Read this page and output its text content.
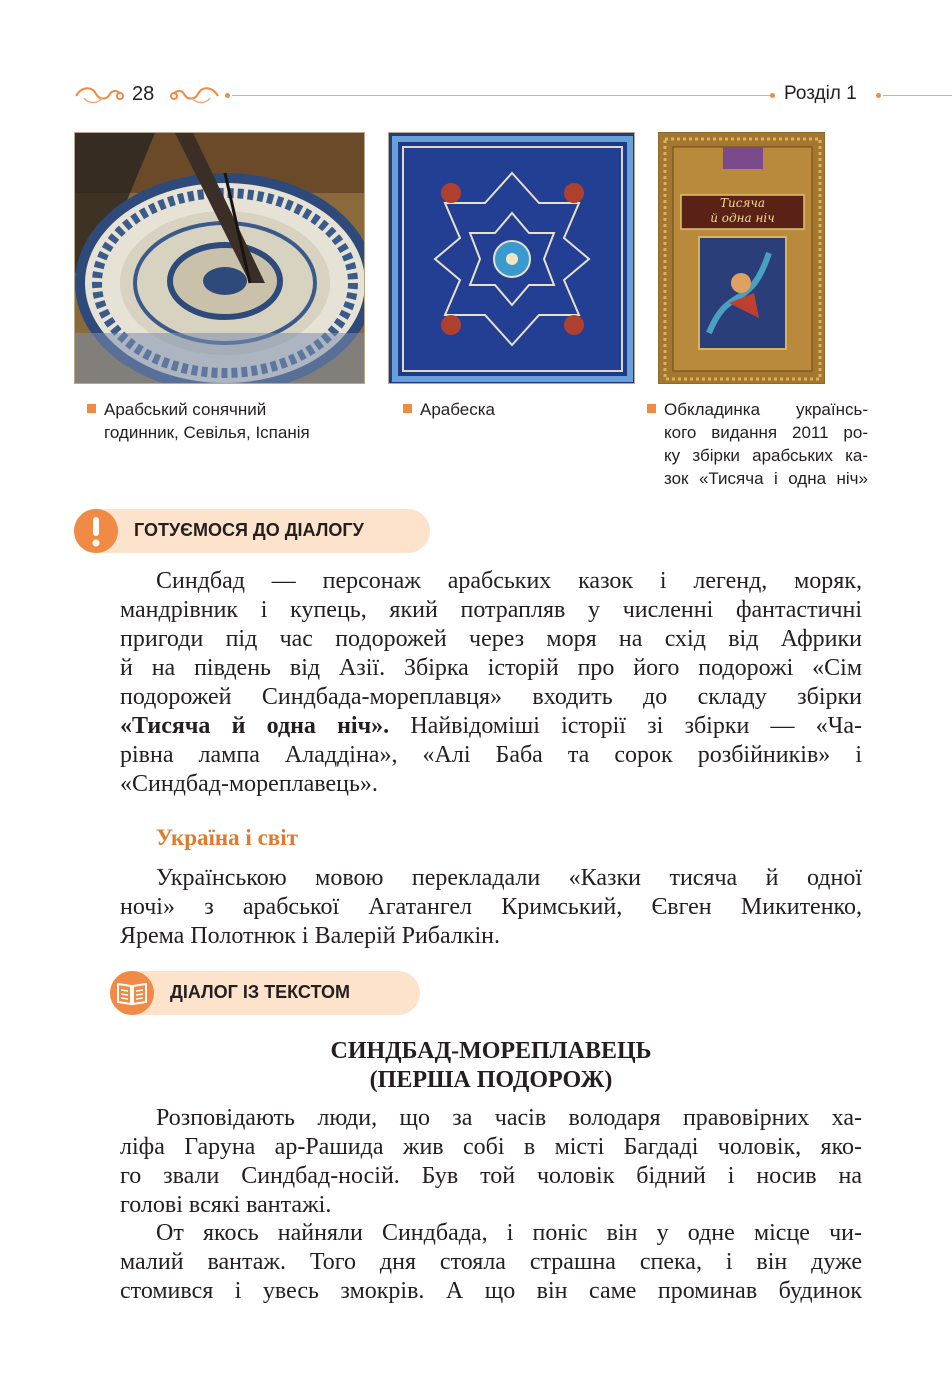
28	Розділ 1
Тисяча
й одна ніч
Арабський сонячний
годинник, Севілья, Іспанія
Арабеска	Обкладинка українсь-
кого видання 2011 ро-
ку збірки арабських ка-
зок «Тисяча і одна ніч»
ГОТУЄМОСЯ ДО ДІАЛОГУ
Синдбад — персонаж арабських казок і легенд, моряк,
мандрівник і купець, який потрапляв у численні фантастичні
пригоди під час подорожей через моря на схід від Африки
й на південь від Азії. Збірка історій про його подорожі «Сім
подорожей Синдбада-мореплавця» входить до складу збірки
«Тисяча й одна ніч». Найвідоміші історії зі збірки — «Ча-
рівна лампа Аладдіна», «Алі Баба та сорок розбійників» і
«Синдбад-мореплавець».
Україна і світ
Українською мовою перекладали «Казки тисяча й одної
ночі» з арабської Агатангел Кримський, Євген Микитенко,
Ярема Полотнюк і Валерій Рибалкін.
ДІАЛОГ ІЗ ТЕКСТОМ
СИНДБАД-МОРЕПЛАВЕЦЬ
(ПЕРША ПОДОРОЖ)
Розповідають люди, що за часів володаря правовірних ха-
ліфа Гаруна ар-Рашида жив собі в місті Багдаді чоловік, яко-
го звали Синдбад-носій. Був той чоловік бідний і носив на
голові всякі вантажі.
От якось найняли Синдбада, і поніс він у одне місце чи-
малий вантаж. Того дня стояла страшна спека, і він дуже
стомився і увесь змокрів. А що він саме проминав будинок
